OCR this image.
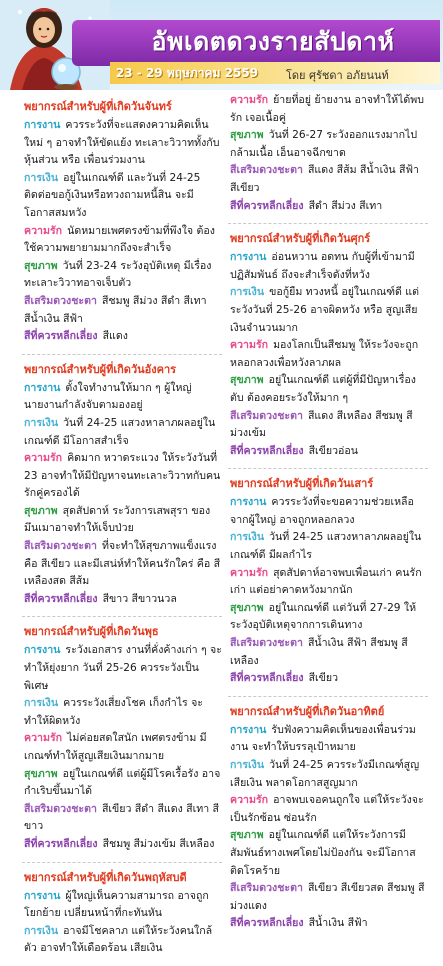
อัพเดตดวงรายสัปดาห์
23 - 29 พฤษภาคม 2559	โดย ศุรัชดา อภัยนนท์
พยากรณ์สำหรับผู้ที่เกิดวันจันทร์

การงาน ควรระวังที่จะแสดงความคิดเห็นใหม่ ๆ อาจทำให้ขัดแย้ง ทะเลาะวิวาททั้งกับหุ้นส่วน หรือ เพื่อนร่วมงาน

การเงิน อยู่ในเกณฑ์ดี และวันที่ 24-25 ติดต่อขอกู้เงินหรือทวงถามหนี้สิน จะมีโอกาสสมหวัง

ความรัก นัดหมายเพศตรงข้ามที่พึงใจ ต้องใช้ความพยายามมากถึงจะสำเร็จ

สุขภาพ วันที่ 23-24 ระวังอุบัติเหตุ มีเรื่องทะเลาะวิวาทอาจเจ็บตัว

สีเสริมดวงชะตา สีชมพู สีม่วง สีดำ สีเทา สีน้ำเงิน สีฟ้า

สีที่ควรหลีกเลี่ยง สีแดง

พยากรณ์สำหรับผู้ที่เกิดวันอังคาร

การงาน ตั้งใจทำงานให้มาก ๆ ผู้ใหญ่นายงานกำลังจับตามองอยู่

การเงิน วันที่ 24-25 แสวงหาลาภผลอยู่ในเกณฑ์ดี มีโอกาสสำเร็จ

ความรัก คิดมาก หวาดระแวง ให้ระวังวันที่ 23 อาจทำให้มีปัญหาจนทะเลาะวิวาทกับคนรักคู่ครองได้

สุขภาพ สุดสัปดาห์ ระวังการเสพสุรา ของมึนเมาอาจทำให้เจ็บป่วย

สีเสริมดวงชะตา ที่จะทำให้สุขภาพแข็งแรง คือ สีเขียว และมีเสน่ห์ทำให้คนรักใคร่ คือ สีเหลืองสด สีส้ม

สีที่ควรหลีกเลี่ยง สีขาว สีขาวนวล

พยากรณ์สำหรับผู้ที่เกิดวันพุธ

การงาน ระวังเอกสาร งานที่คั่งค้างเก่า ๆ จะทำให้ยุ่งยาก วันที่ 25-26 ควรระวังเป็นพิเศษ

การเงิน ควรระวังเสี่ยงโชค เก็งกำไร จะทำให้ผิดหวัง

ความรัก ไม่ค่อยสดใสนัก เพศตรงข้าม มีเกณฑ์ทำให้สูญเสียเงินมากมาย

สุขภาพ อยู่ในเกณฑ์ดี แต่ผู้มีโรคเรื้อรัง อาจกำเริบขึ้นมาได้

สีเสริมดวงชะตา สีเขียว สีดำ สีแดง สีเทา สีขาว

สีที่ควรหลีกเลี่ยง สีชมพู สีม่วงเข้ม สีเหลือง

พยากรณ์สำหรับผู้ที่เกิดวันพฤหัสบดี

การงาน ผู้ใหญ่เห็นความสามารถ อาจถูกโยกย้าย เปลี่ยนหน้าที่กะทันหัน

การเงิน อาจมีโชคลาภ แต่ให้ระวังคนใกล้ตัว อาจทำให้เดือดร้อน เสียเงิน

ความรัก ย้ายที่อยู่ ย้ายงาน อาจทำให้ได้พบรัก เจอเนื้อคู่

สุขภาพ วันที่ 26-27 ระวังออกแรงมากไปกล้ามเนื้อ เอ็นอาจฉีกขาด

สีเสริมดวงชะตา สีแดง สีส้ม สีน้ำเงิน สีฟ้า สีเขียว

สีที่ควรหลีกเลี่ยง สีดำ สีม่วง สีเทา

พยากรณ์สำหรับผู้ที่เกิดวันศุกร์

การงาน อ่อนหวาน อดทน กับผู้ที่เข้ามามีปฏิสัมพันธ์ ถึงจะสำเร็จดังที่หวัง

การเงิน ขอกู้ยืม ทวงหนี้ อยู่ในเกณฑ์ดี แต่ระวังวันที่ 25-26 อาจผิดหวัง หรือ สูญเสียเงินจำนวนมาก

ความรัก มองโลกเป็นสีชมพู ให้ระวังจะถูกหลอกลวงเพื่อหวังลาภผล

สุขภาพ อยู่ในเกณฑ์ดี แต่ผู้ที่มีปัญหาเรื่องตับ ต้องคอยระวังให้มาก ๆ

สีเสริมดวงชะตา สีแดง สีเหลือง สีชมพู สีม่วงเข้ม

สีที่ควรหลีกเลี่ยง สีเขียวอ่อน

พยากรณ์สำหรับผู้ที่เกิดวันเสาร์

การงาน ควรระวังที่จะขอความช่วยเหลือจากผู้ใหญ่ อาจถูกหลอกลวง

การเงิน วันที่ 24-25 แสวงหาลาภผลอยู่ในเกณฑ์ดี มีผลกำไร

ความรัก สุดสัปดาห์อาจพบเพื่อนเก่า คนรักเก่า แต่อย่าคาดหวังมากนัก

สุขภาพ อยู่ในเกณฑ์ดี แต่วันที่ 27-29 ให้ระวังอุบัติเหตุจากการเดินทาง

สีเสริมดวงชะตา สีน้ำเงิน สีฟ้า สีชมพู สีเหลือง

สีที่ควรหลีกเลี่ยง สีเขียว

พยากรณ์สำหรับผู้ที่เกิดวันอาทิตย์

การงาน รับฟังความคิดเห็นของเพื่อนร่วมงาน จะทำให้บรรลุเป้าหมาย

การเงิน วันที่ 24-25 ควรระวังมีเกณฑ์สูญเสียเงิน พลาดโอกาสสูญมาก

ความรัก อาจพบเจอคนถูกใจ แต่ให้ระวังจะเป็นรักซ้อน ซ่อนรัก

สุขภาพ อยู่ในเกณฑ์ดี แต่ให้ระวังการมีสัมพันธ์ทางเพศโดยไม่ป้องกัน จะมีโอกาสติดโรคร้าย

สีเสริมดวงชะตา สีเขียว สีเขียวสด สีชมพู สีม่วงแดง

สีที่ควรหลีกเลี่ยง สีน้ำเงิน สีฟ้า
